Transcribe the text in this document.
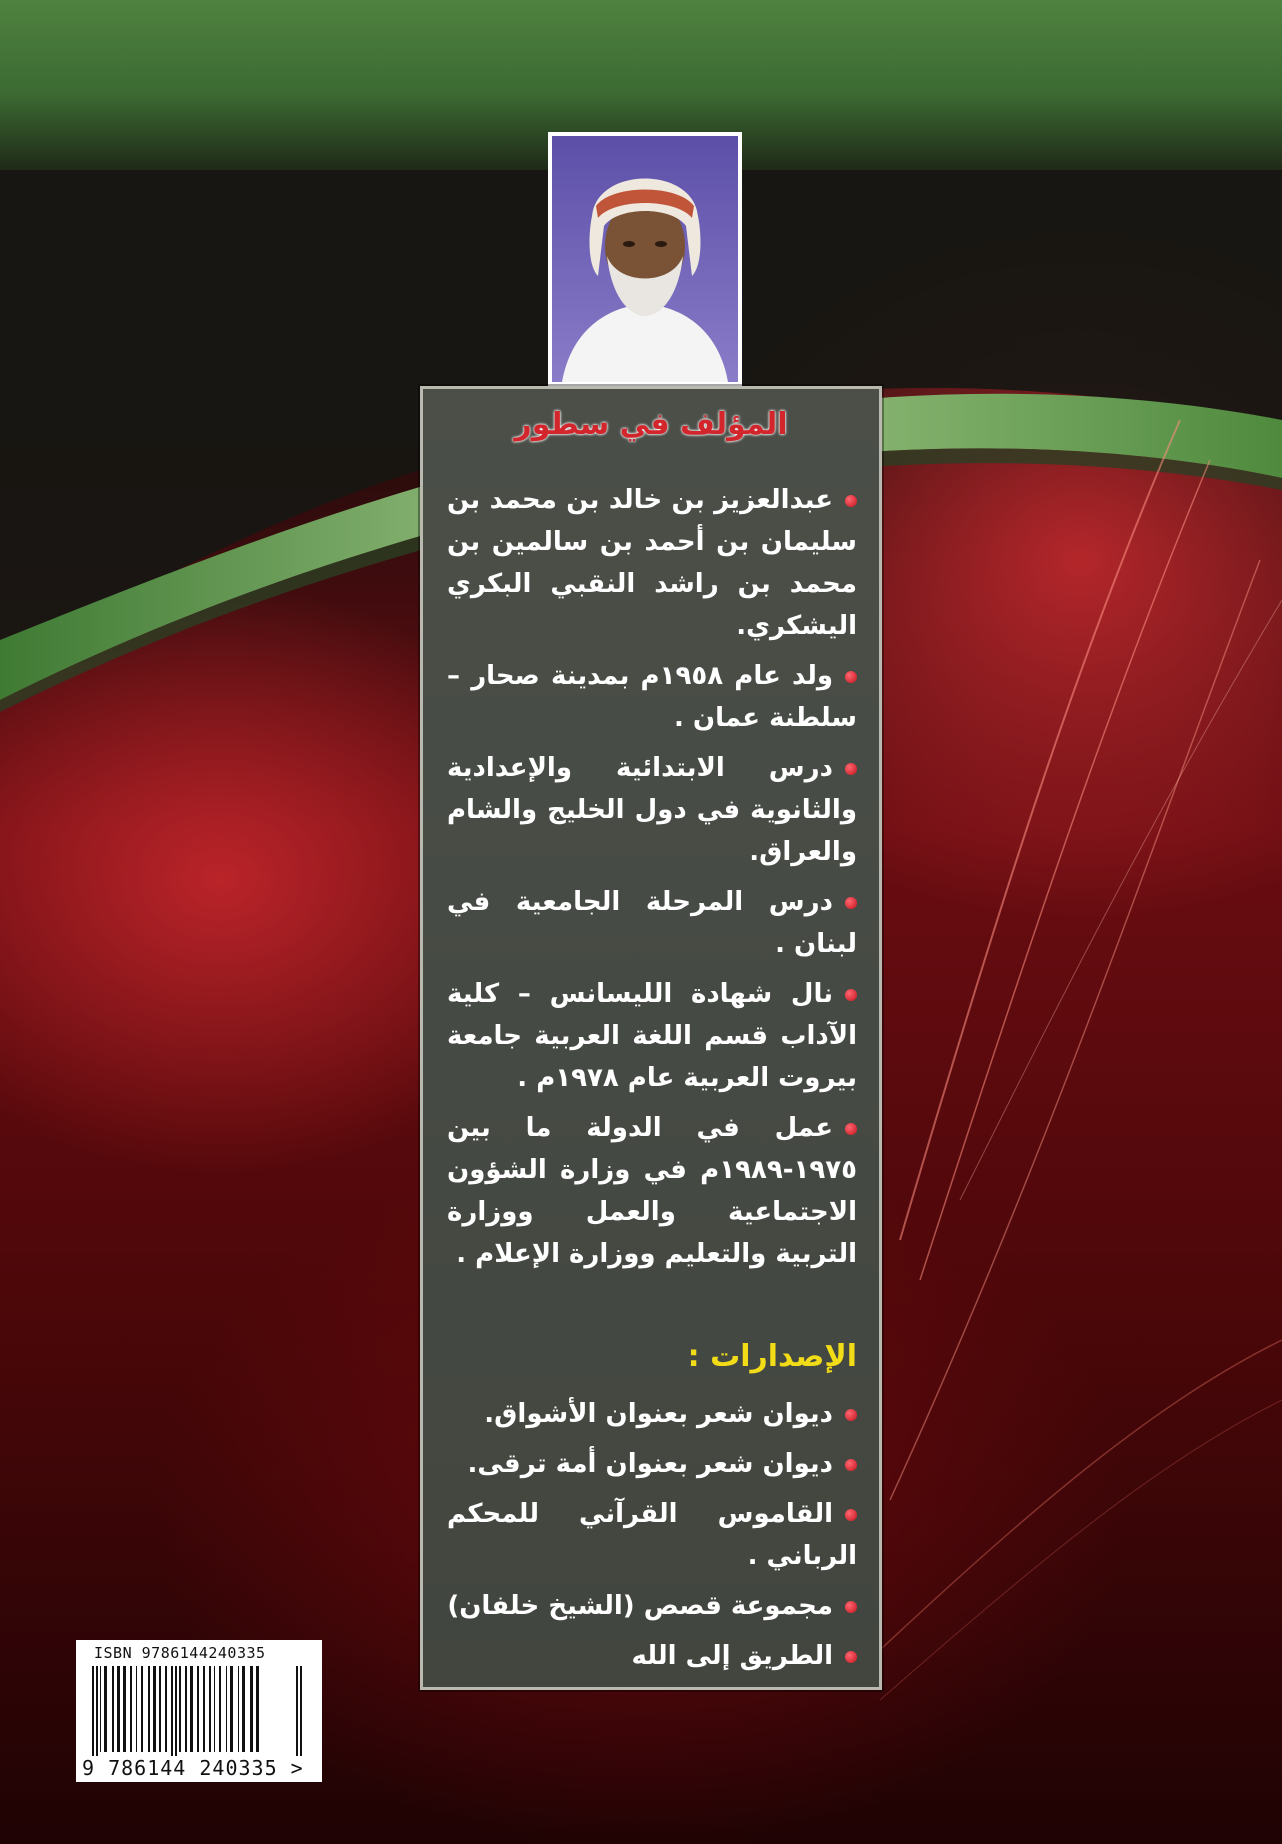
المؤلف في سطور
عبدالعزيز بن خالد بن محمد بن سليمان بن أحمد بن سالمين بن محمد بن راشد النقبي البكري اليشكري.
ولد عام ١٩٥٨م بمدينة صحار – سلطنة عمان .
درس الابتدائية والإعدادية والثانوية في دول الخليج والشام والعراق.
درس المرحلة الجامعية في لبنان .
نال شهادة الليسانس – كلية الآداب قسم اللغة العربية جامعة بيروت العربية عام ١٩٧٨م .
عمل في الدولة ما بين ١٩٧٥-١٩٨٩م في وزارة الشؤون الاجتماعية والعمل ووزارة التربية والتعليم ووزارة الإعلام .
الإصدارات :
ديوان شعر بعنوان الأشواق.
ديوان شعر بعنوان أمة ترقى.
القاموس القرآني للمحكم الرباني .
مجموعة قصص (الشيخ خلفان)
الطريق إلى الله

ISBN 9786144240335

9 786144 240335 >
